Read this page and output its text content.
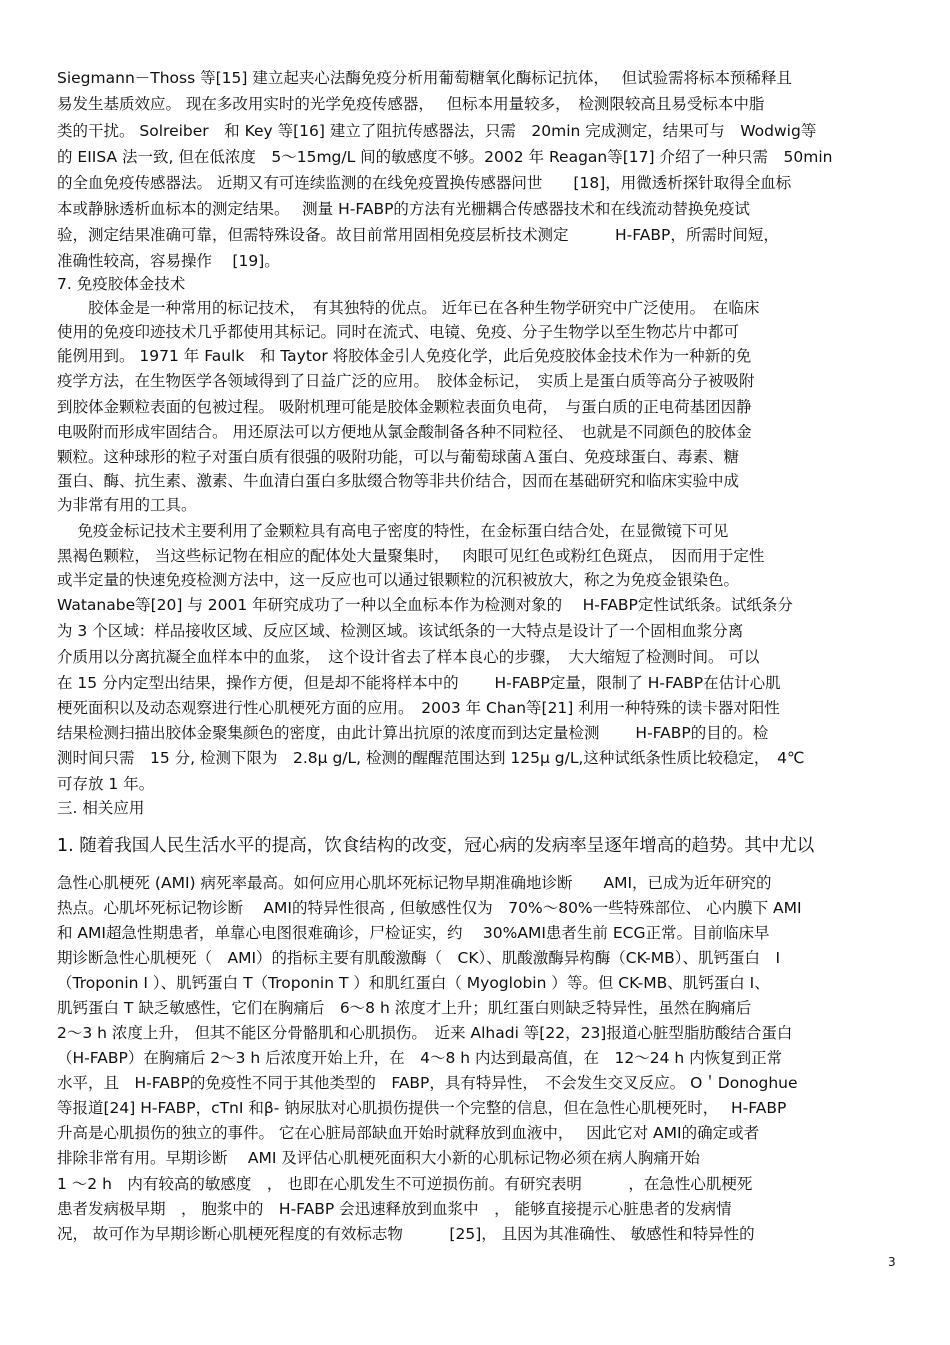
Siegmann－Thoss 等[15] 建立起夹心法酶免疫分析用葡萄糖氧化酶标记抗体，　 但试验需将标本预稀释且
易发生基质效应。 现在多改用实时的光学免疫传感器，　 但标本用量较多，　检测限较高且易受标本中脂
类的干扰。 Solreiber　和 Key 等[16] 建立了阻抗传感器法，只需　20min 完成测定，结果可与　Wodwig等
的 EIISA 法一致, 但在低浓度　5～15mg/L 间的敏感度不够。2002 年 Reagan等[17] 介绍了一种只需　50min
的全血免疫传感器法。 近期又有可连续监测的在线免疫置换传感器问世　　[18]，用微透析探针取得全血标
本或静脉透析血标本的测定结果。　 测量 H-FABP的方法有光栅耦合传感器技术和在线流动替换免疫试
验，测定结果准确可靠，但需特殊设备。故目前常用固相免疫层析技术测定　　　H-FABP，所需时间短，
准确性较高，容易操作　 [19]。
7. 免疫胶体金技术
　　胶体金是一种常用的标记技术，　有其独特的优点。 近年已在各种生物学研究中广泛使用。　在临床
使用的免疫印迹技术几乎都使用其标记。同时在流式、电镜、免疫、分子生物学以至生物芯片中都可
能例用到。 1971 年 Faulk　和 Taytor 将胶体金引人免疫化学，此后免疫胶体金技术作为一种新的免
疫学方法，在生物医学各领域得到了日益广泛的应用。　胶体金标记，　实质上是蛋白质等高分子被吸附
到胶体金颗粒表面的包被过程。 吸附机理可能是胶体金颗粒表面负电荷，　与蛋白质的正电荷基团因静
电吸附而形成牢固结合。 用还原法可以方便地从氯金酸制备各种不同粒径、　也就是不同颜色的胶体金
颗粒。这种球形的粒子对蛋白质有很强的吸附功能，可以与葡萄球菌Ａ蛋白、免疫球蛋白、毒素、糖
蛋白、酶、抗生素、激素、牛血清白蛋白多肽缀合物等非共价结合，因而在基础研究和临床实验中成
为非常有用的工具。
　 免疫金标记技术主要利用了金颗粒具有高电子密度的特性，在金标蛋白结合处，在显微镜下可见
黑褐色颗粒， 当这些标记物在相应的配体处大量聚集时，　 肉眼可见红色或粉红色斑点，　因而用于定性
或半定量的快速免疫检测方法中，这一反应也可以通过银颗粒的沉积被放大，称之为免疫金银染色。
Watanabe等[20] 与 2001 年研究成功了一种以全血标本作为检测对象的　 H-FABP定性试纸条。试纸条分
为 3 个区域：样品接收区域、反应区域、检测区域。该试纸条的一大特点是设计了一个固相血浆分离
介质用以分离抗凝全血样本中的血浆，　这个设计省去了样本良心的步骤，　大大缩短了检测时间。 可以
在 15 分内定型出结果，操作方便，但是却不能将样本中的　　 H-FABP定量，限制了 H-FABP在估计心肌
梗死面积以及动态观察进行性心肌梗死方面的应用。　2003 年 Chan等[21] 利用一种特殊的读卡器对阳性
结果检测扫描出胶体金聚集颜色的密度，由此计算出抗原的浓度而到达定量检测　　 H-FABP的目的。检
测时间只需　15 分, 检测下限为　2.8μ g/L, 检测的醒醒范围达到 125μ g/L,这种试纸条性质比较稳定，　4℃
可存放 1 年。
三. 相关应用
1. 随着我国人民生活水平的提高，饮食结构的改变，冠心病的发病率呈逐年增高的趋势。其中尤以
急性心肌梗死 (AMI) 病死率最高。如何应用心肌坏死标记物早期准确地诊断　　AMI，已成为近年研究的
热点。心肌坏死标记物诊断　 AMI的特异性很高 , 但敏感性仅为　70%～80%一些特殊部位、 心内膜下 AMI
和 AMI超急性期患者，单靠心电图很难确诊，尸检证实，约　 30%AMI患者生前 ECG正常。目前临床早
期诊断急性心肌梗死（　AMI）的指标主要有肌酸激酶（　CK）、肌酸激酶异构酶（CK-MB）、肌钙蛋白　I
（Troponin I ）、肌钙蛋白 T（Troponin T ）和肌红蛋白（ Myoglobin ）等。但 CK-MB、肌钙蛋白 I、
肌钙蛋白 T 缺乏敏感性，它们在胸痛后　6～8 h 浓度才上升；肌红蛋白则缺乏特异性，虽然在胸痛后
2～3 h 浓度上升， 但其不能区分骨骼肌和心肌损伤。　近来 Alhadi 等[22，23]报道心脏型脂肪酸结合蛋白
（H-FABP）在胸痛后 2～3 h 后浓度开始上升，在　4～8 h 内达到最高值，在　12～24 h 内恢复到正常
水平，且　H-FABP的免疫性不同于其他类型的　FABP，具有特异性，　不会发生交叉反应。 O＇Donoghue
等报道[24] H-FABP，cTnI 和β- 钠尿肽对心肌损伤提供一个完整的信息，但在急性心肌梗死时，　 H-FABP
升高是心肌损伤的独立的事件。 它在心脏局部缺血开始时就释放到血液中，　 因此它对 AMI的确定或者
排除非常有用。早期诊断　 AMI 及评估心肌梗死面积大小新的心肌标记物必须在病人胸痛开始
1 ～2 h　内有较高的敏感度　， 也即在心肌发生不可逆损伤前。有研究表明　　　，在急性心肌梗死
患者发病极早期　， 胞浆中的　H-FABP 会迅速释放到血浆中　， 能够直接提示心脏患者的发病情
况， 故可作为早期诊断心肌梗死程度的有效标志物　　　[25]， 且因为其准确性、 敏感性和特异性的
3
